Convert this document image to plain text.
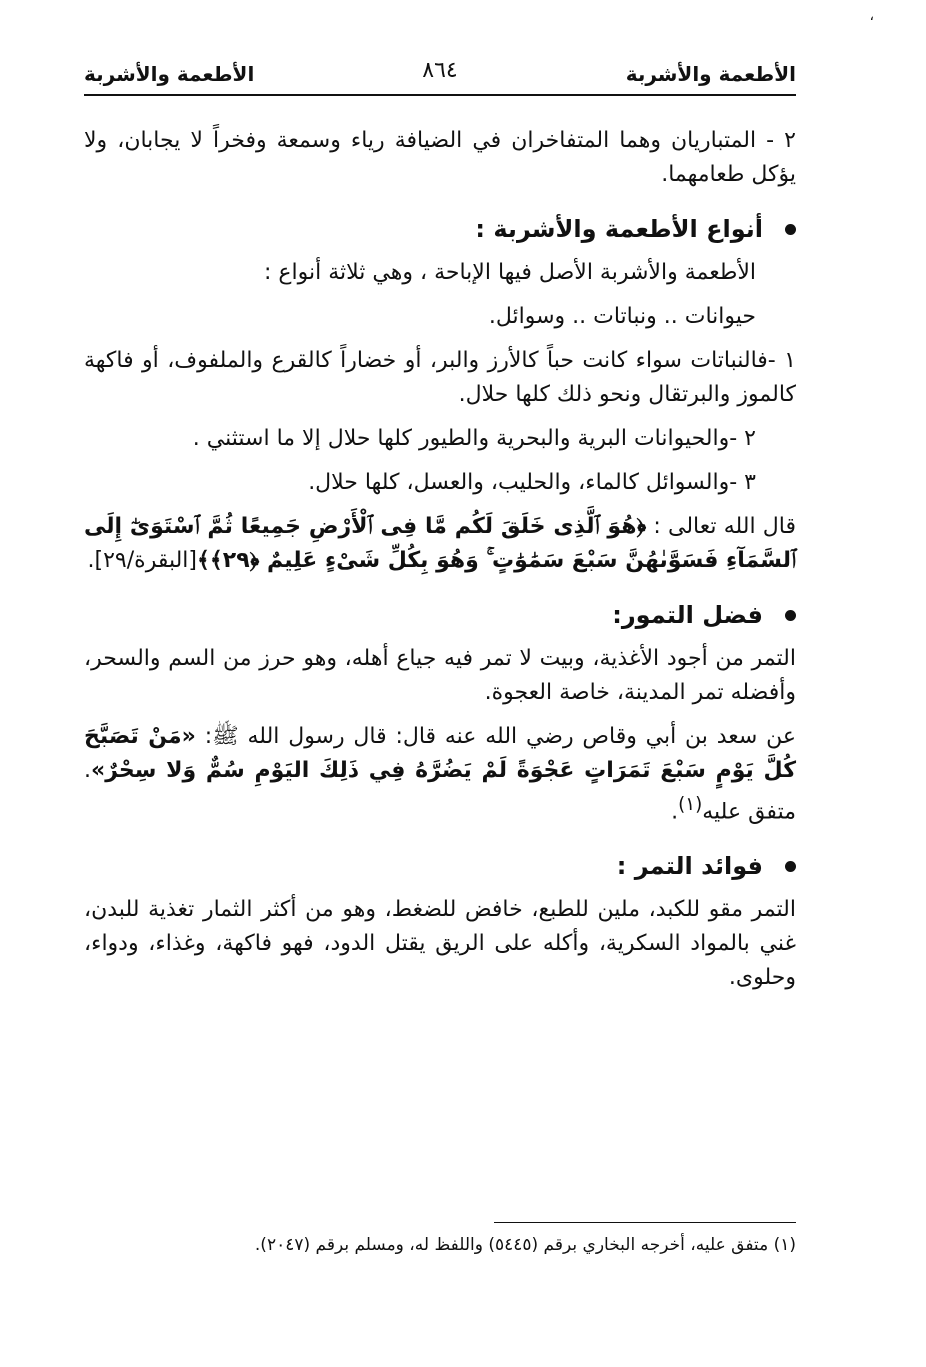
،
الأطعمة والأشربة
٨٦٤
الأطعمة والأشربة

٢ - المتباريان وهما المتفاخران في الضيافة رياء وسمعة وفخراً لا يجابان، ولا يؤكل طعامهما.

أنواع الأطعمة والأشربة :

الأطعمة والأشربة الأصل فيها الإباحة ، وهي ثلاثة أنواع :

حيوانات .. ونباتات .. وسوائل.

١ -فالنباتات سواء كانت حباً كالأرز والبر، أو خضاراً كالقرع والملفوف، أو فاكهة كالموز والبرتقال ونحو ذلك كلها حلال.

٢ -والحيوانات البرية والبحرية والطيور كلها حلال إلا ما استثني .

٣ -والسوائل كالماء، والحليب، والعسل، كلها حلال.

قال الله تعالى : ﴿هُوَ ٱلَّذِى خَلَقَ لَكُم مَّا فِى ٱلْأَرْضِ جَمِيعًا ثُمَّ ٱسْتَوَىٰٓ إِلَى ٱلسَّمَآءِ فَسَوَّىٰهُنَّ سَبْعَ سَمَٰوَٰتٍ ۚ وَهُوَ بِكُلِّ شَىْءٍ عَلِيمٌ ﴿٢٩﴾﴾[البقرة/٢٩].

فضل التمور:

التمر من أجود الأغذية، وبيت لا تمر فيه جياع أهله، وهو حرز من السم والسحر، وأفضله تمر المدينة، خاصة العجوة.

عن سعد بن أبي وقاص رضي الله عنه قال: قال رسول الله ﷺ: «مَنْ تَصَبَّحَ كُلَّ يَوْمٍ سَبْعَ تَمَرَاتٍ عَجْوَةً لَمْ يَضُرَّهُ فِي ذَلِكَ اليَوْمِ سُمٌّ وَلا سِحْرٌ». متفق عليه$^{(١)}$.

فوائد التمر :

التمر مقو للكبد، ملين للطبع، خافض للضغط، وهو من أكثر الثمار تغذية للبدن، غني بالمواد السكرية، وأكله على الريق يقتل الدود، فهو فاكهة، وغذاء، ودواء، وحلوى.

(١) متفق عليه، أخرجه البخاري برقم (٥٤٤٥) واللفظ له، ومسلم برقم (٢٠٤٧).
